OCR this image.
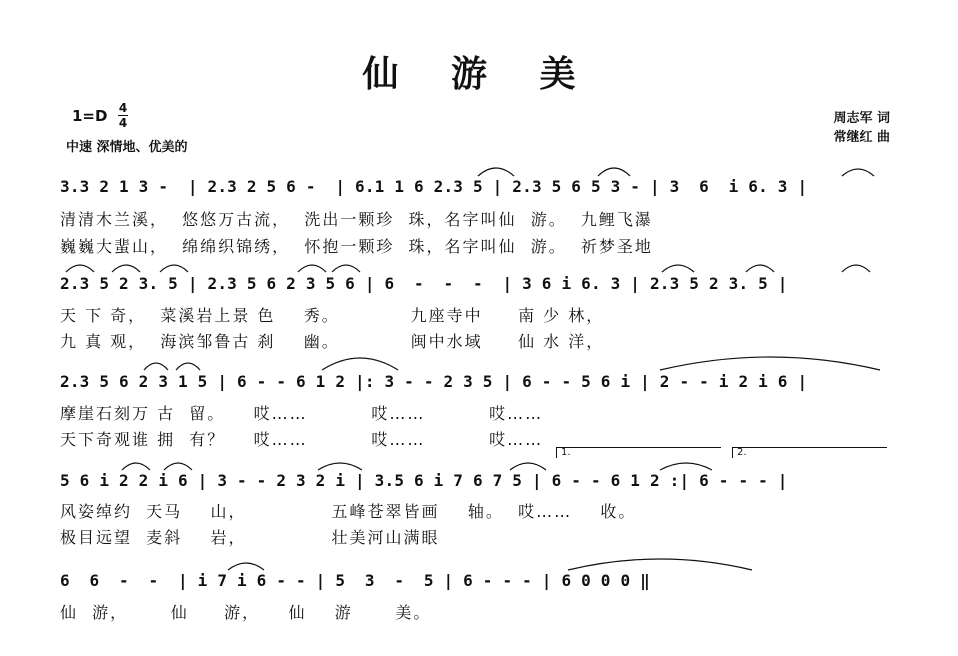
仙 游 美
1=D 4
4
中速 深情地、优美的
周志军 词
常继红 曲
3.3 2 1 3 -  | 2.3 2 5 6 -  | 6.1 1 6 2.3 5 | 2.3 5 6 5 3 - | 3  6  i 6. 3 |
清清木兰溪，  悠悠万古流，  洗出一颗珍  珠，名字叫仙  游。  九鲤飞瀑
巍巍大蜚山，  绵绵织锦绣，  怀抱一颗珍  珠，名字叫仙  游。  祈梦圣地
2.3 5 2 3. 5 | 2.3 5 6 2 3 5 6 | 6  -  -  -  | 3 6 i 6. 3 | 2.3 5 2 3. 5 |
天 下 奇，  菜溪岩上景 色    秀。          九座寺中     南 少 林，
九 真 观，  海滨邹鲁古 刹    幽。          闽中水域     仙 水 洋，
2.3 5 6 2 3 1 5 | 6 - - 6 1 2 |: 3 - - 2 3 5 | 6 - - 5 6 i | 2 - - i 2 i 6 |
摩崖石刻万 古  留。    哎……         哎……         哎……
天下奇观谁 拥  有？    哎……         哎……         哎……
1.	2.
5 6 i 2 2 i 6 | 3 - - 2 3 2 i | 3.5 6 i 7 6 7 5 | 6 - - 6 1 2 :| 6 - - - |
风姿绰约  天马    山，            五峰苍翠皆画    轴。  哎……    收。
极目远望  麦斜    岩，            壮美河山满眼
6  6  -  -  | i 7 i 6 - - | 5  3  -  5 | 6 - - - | 6 0 0 0 ‖
仙  游，      仙     游，    仙    游      美。
